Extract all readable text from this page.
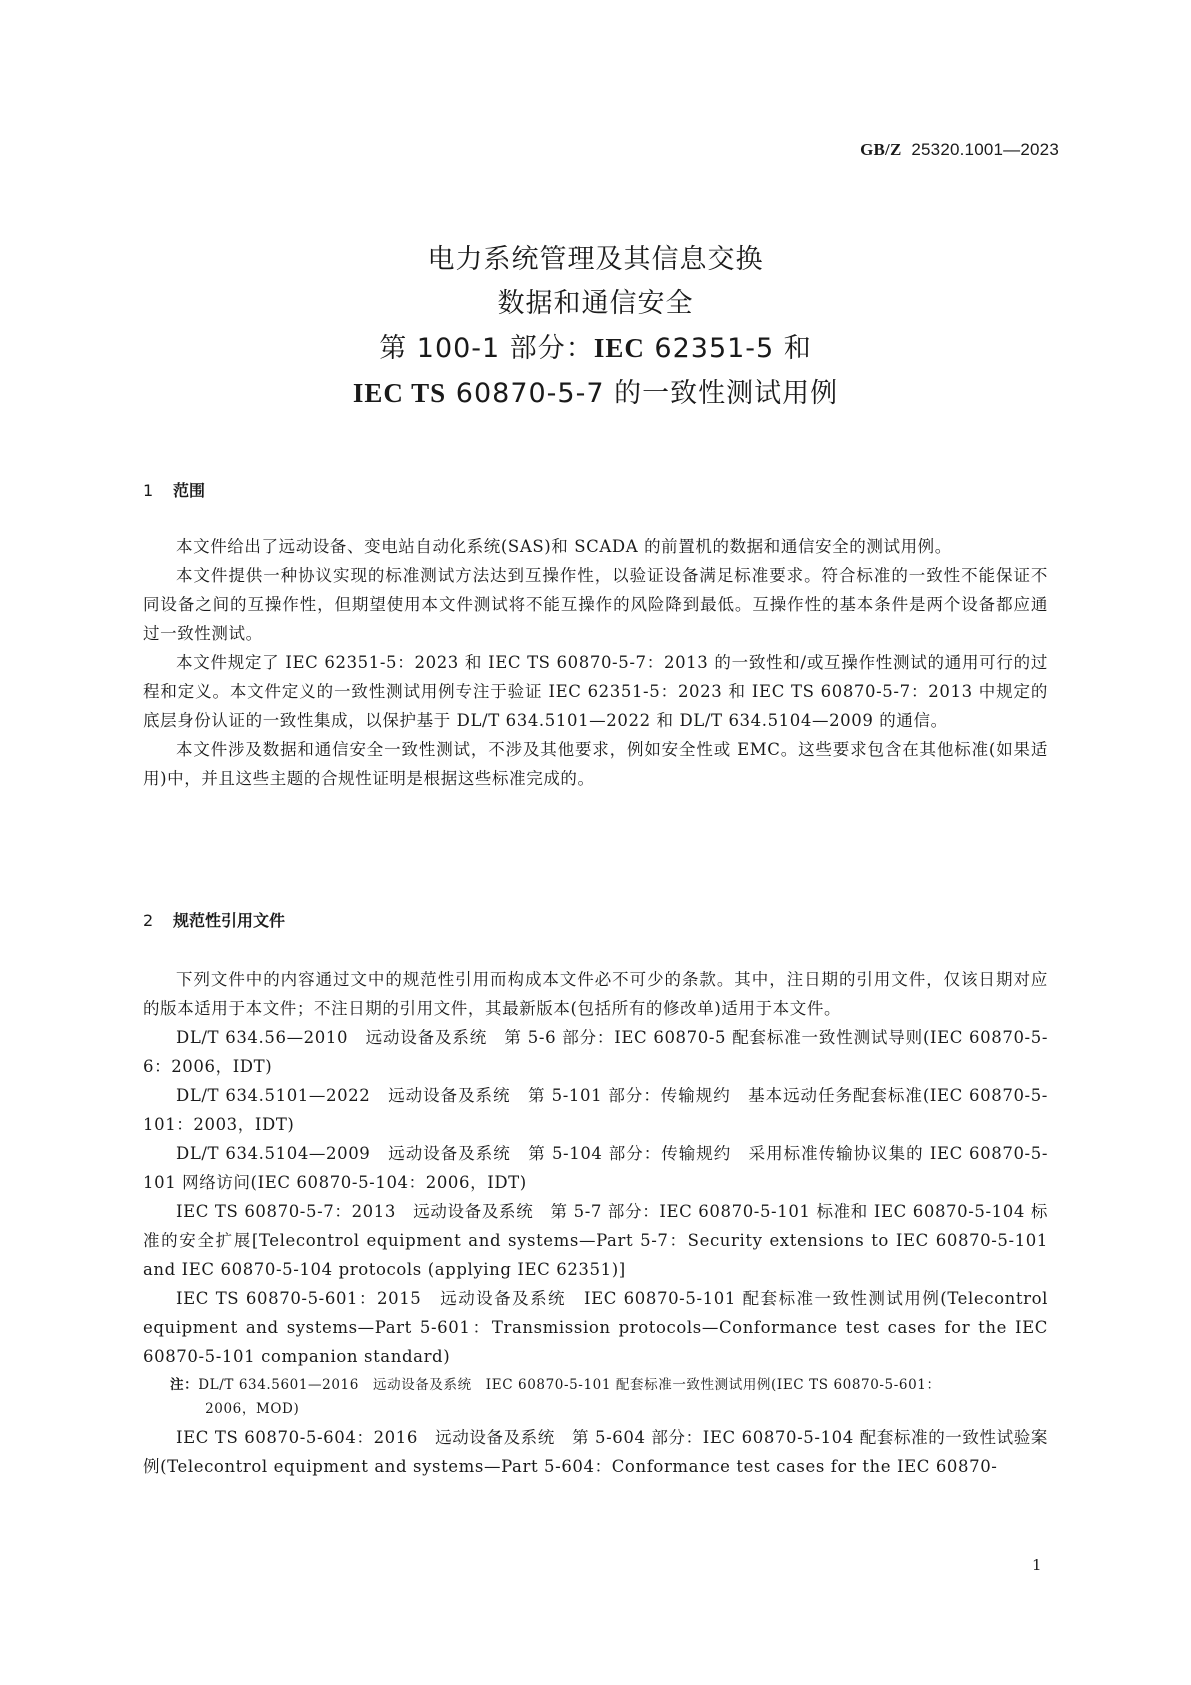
GB/Z 25320.1001—2023
电力系统管理及其信息交换
数据和通信安全
第 100-1 部分：IEC 62351-5 和
IEC TS 60870-5-7 的一致性测试用例
1 范围

本文件给出了远动设备、变电站自动化系统(SAS)和 SCADA 的前置机的数据和通信安全的测试用例。

本文件提供一种协议实现的标准测试方法达到互操作性，以验证设备满足标准要求。符合标准的一致性不能保证不同设备之间的互操作性，但期望使用本文件测试将不能互操作的风险降到最低。互操作性的基本条件是两个设备都应通过一致性测试。

本文件规定了 IEC 62351-5：2023 和 IEC TS 60870-5-7：2013 的一致性和/或互操作性测试的通用可行的过程和定义。本文件定义的一致性测试用例专注于验证 IEC 62351-5：2023 和 IEC TS 60870-5-7：2013 中规定的底层身份认证的一致性集成，以保护基于 DL/T 634.5101—2022 和 DL/T 634.5104—2009 的通信。

本文件涉及数据和通信安全一致性测试，不涉及其他要求，例如安全性或 EMC。这些要求包含在其他标准(如果适用)中，并且这些主题的合规性证明是根据这些标准完成的。

2 规范性引用文件

下列文件中的内容通过文中的规范性引用而构成本文件必不可少的条款。其中，注日期的引用文件，仅该日期对应的版本适用于本文件；不注日期的引用文件，其最新版本(包括所有的修改单)适用于本文件。

DL/T 634.56—2010　远动设备及系统　第 5-6 部分：IEC 60870-5 配套标准一致性测试导则(IEC 60870-5-6：2006，IDT)

DL/T 634.5101—2022　远动设备及系统　第 5-101 部分：传输规约　基本远动任务配套标准(IEC 60870-5-101：2003，IDT)

DL/T 634.5104—2009　远动设备及系统　第 5-104 部分：传输规约　采用标准传输协议集的 IEC 60870-5-101 网络访问(IEC 60870-5-104：2006，IDT)

IEC TS 60870-5-7：2013　远动设备及系统　第 5-7 部分：IEC 60870-5-101 标准和 IEC 60870-5-104 标准的安全扩展[Telecontrol equipment and systems—Part 5-7：Security extensions to IEC 60870-5-101 and IEC 60870-5-104 protocols (applying IEC 62351)]

IEC TS 60870-5-601：2015　远动设备及系统　IEC 60870-5-101 配套标准一致性测试用例(Telecontrol equipment and systems—Part 5-601：Transmission protocols—Conformance test cases for the IEC 60870-5-101 companion standard)

注：DL/T 634.5601—2016　远动设备及系统　IEC 60870-5-101 配套标准一致性测试用例(IEC TS 60870-5-601：
2006，MOD)

IEC TS 60870-5-604：2016　远动设备及系统　第 5-604 部分：IEC 60870-5-104 配套标准的一致性试验案例(Telecontrol equipment and systems—Part 5-604：Conformance test cases for the IEC 60870-

1
